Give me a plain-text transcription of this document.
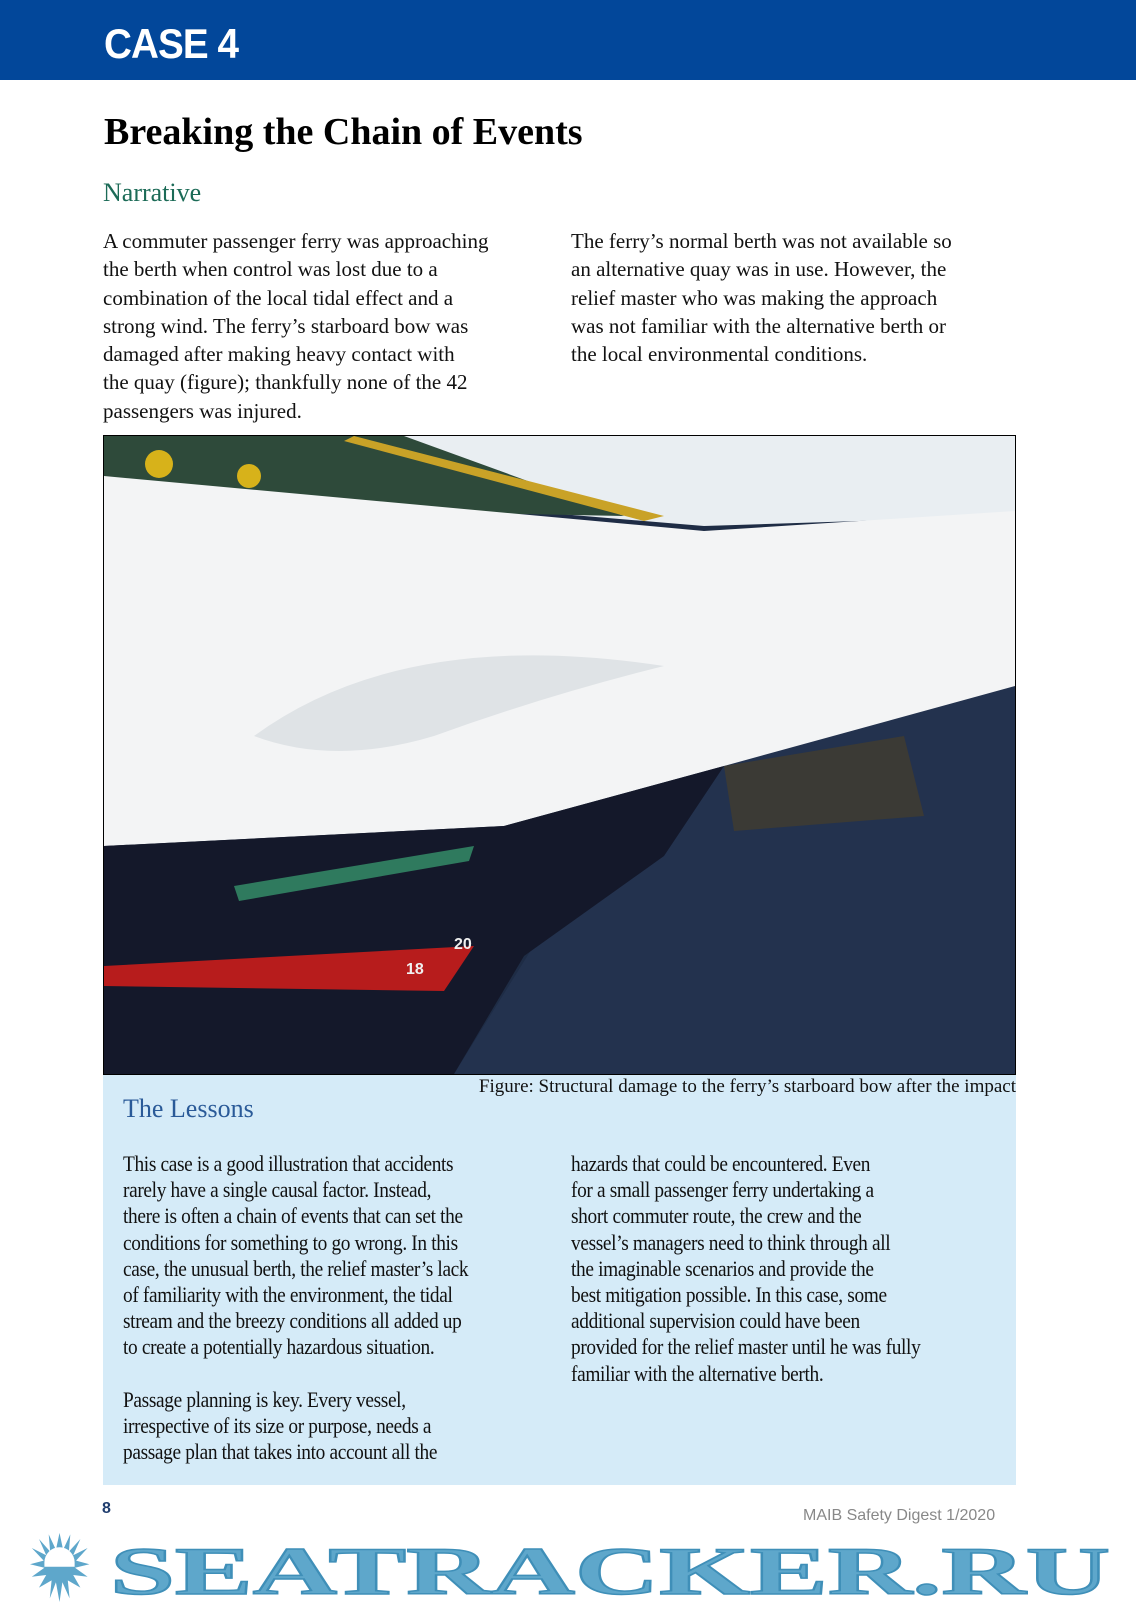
CASE 4
Breaking the Chain of Events
Narrative
A commuter passenger ferry was approaching
the berth when control was lost due to a
combination of the local tidal effect and a
strong wind. The ferry’s starboard bow was
damaged after making heavy contact with
the quay (figure); thankfully none of the 42
passengers was injured.
The ferry’s normal berth was not available so
an alternative quay was in use. However, the
relief master who was making the approach
was not familiar with the alternative berth or
the local environmental conditions.
20
18
Figure: Structural damage to the ferry’s starboard bow after the impact
The Lessons
This case is a good illustration that accidents
rarely have a single causal factor. Instead,
there is often a chain of events that can set the
conditions for something to go wrong. In this
case, the unusual berth, the relief master’s lack
of familiarity with the environment, the tidal
stream and the breezy conditions all added up
to create a potentially hazardous situation.
Passage planning is key. Every vessel,
irrespective of its size or purpose, needs a
passage plan that takes into account all the
hazards that could be encountered. Even
for a small passenger ferry undertaking a
short commuter route, the crew and the
vessel’s managers need to think through all
the imaginable scenarios and provide the
best mitigation possible. In this case, some
additional supervision could have been
provided for the relief master until he was fully
familiar with the alternative berth.
8	MAIB Safety Digest 1/2020
SEATRACKER.RU
